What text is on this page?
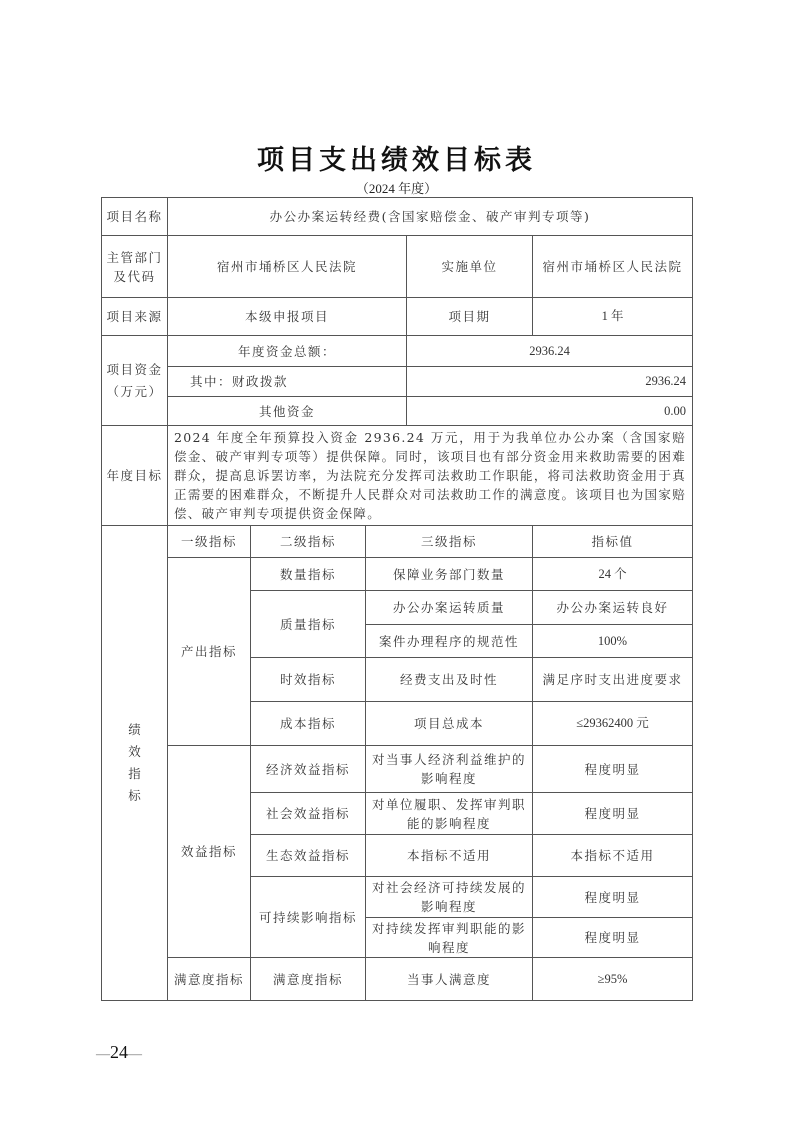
项目支出绩效目标表
（2024 年度）
项目名称	办公办案运转经费(含国家赔偿金、破产审判专项等)				
主管部门及代码	宿州市埇桥区人民法院			实施单位	宿州市埇桥区人民法院
项目来源	本级申报项目			项目期	1 年
项目资金（万元）	年度资金总额：			2936.24	
	其中：财政拨款			2936.24	
	其他资金			0.00	
年度目标	2024 年度全年预算投入资金 2936.24 万元，用于为我单位办公办案（含国家赔偿金、破产审判专项等）提供保障。同时，该项目也有部分资金用来救助需要的困难群众，提高息诉罢访率，为法院充分发挥司法救助工作职能，将司法救助资金用于真正需要的困难群众，不断提升人民群众对司法救助工作的满意度。该项目也为国家赔偿、破产审判专项提供资金保障。				
绩
效
指
标	一级指标	二级指标	三级指标		指标值
	产出指标	数量指标	保障业务部门数量		24 个
		质量指标	办公办案运转质量		办公办案运转良好
			案件办理程序的规范性		100%
		时效指标	经费支出及时性		满足序时支出进度要求
		成本指标	项目总成本		≤29362400 元
	效益指标	经济效益指标	对当事人经济利益维护的影响程度		程度明显
		社会效益指标	对单位履职、发挥审判职能的影响程度		程度明显
		生态效益指标	本指标不适用		本指标不适用
		可持续影响指标	对社会经济可持续发展的影响程度		程度明显
			对持续发挥审判职能的影响程度		程度明显
	满意度指标	满意度指标	当事人满意度		≥95%
—24—
